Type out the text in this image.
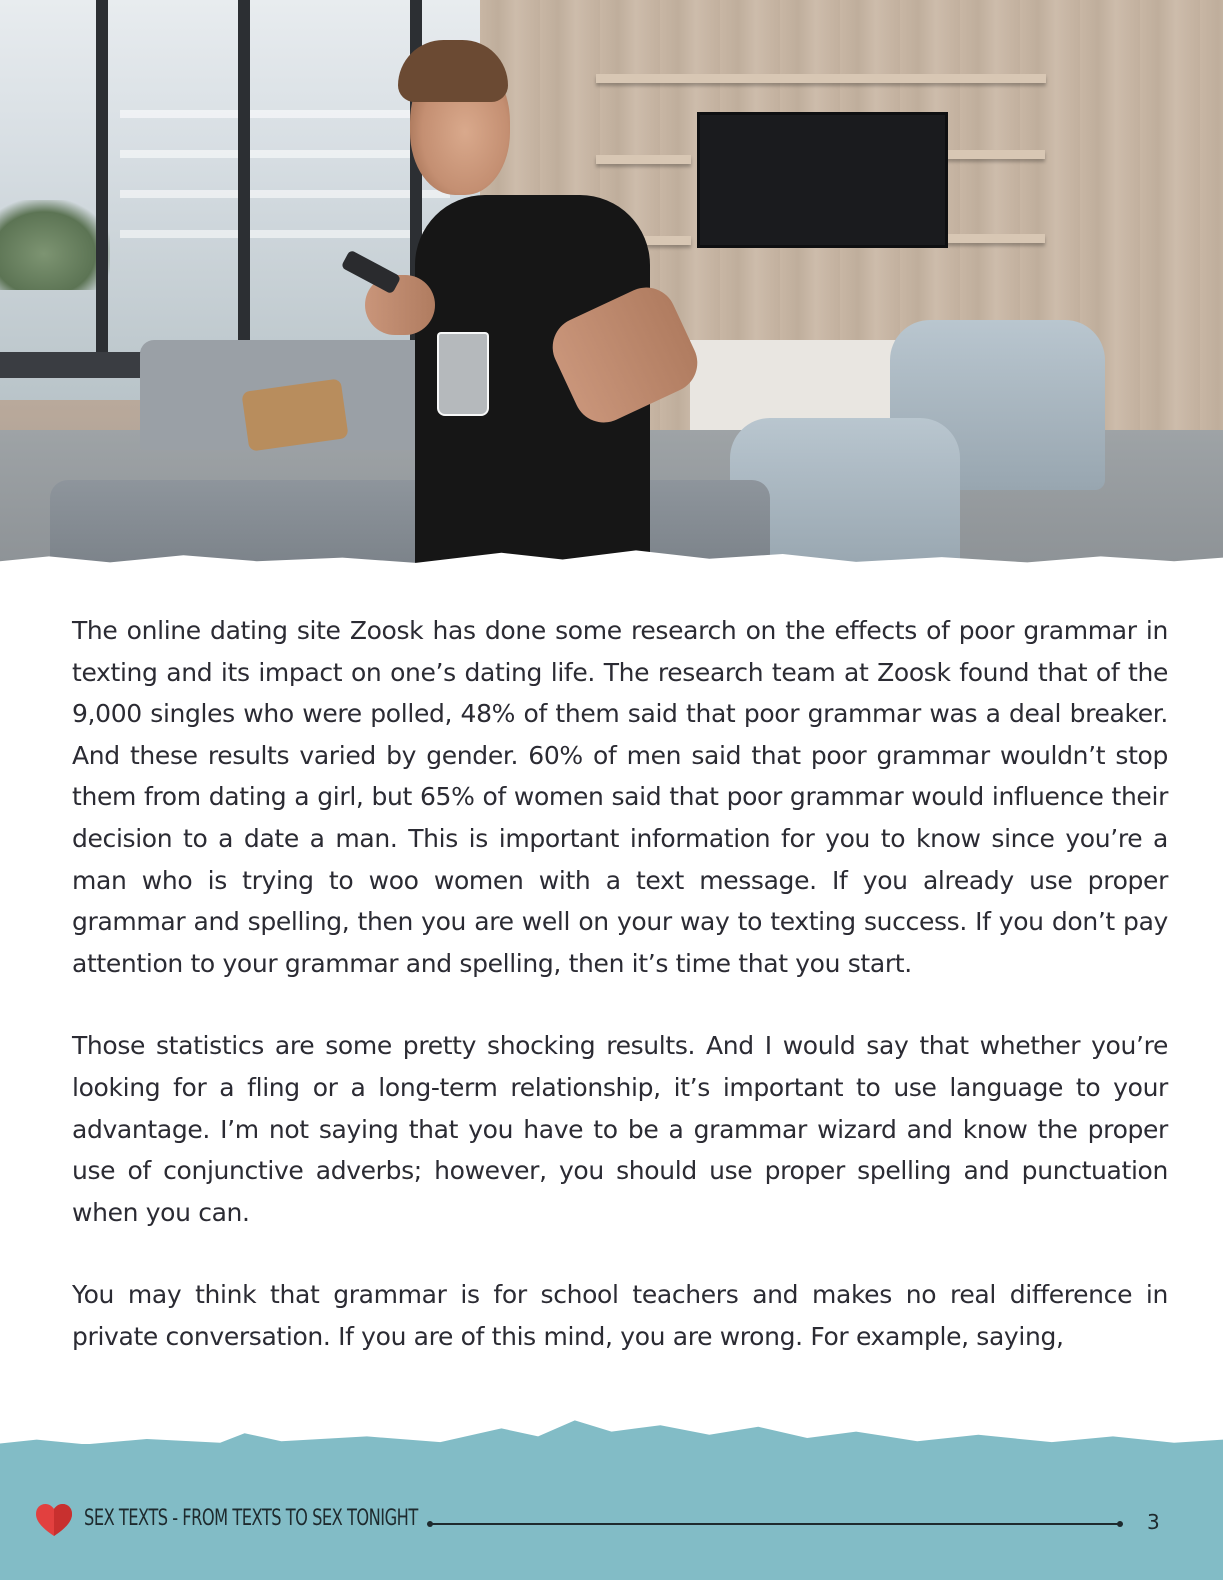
The online dating site Zoosk has done some research on the effects of poor grammar in texting and its impact on one’s dating life. The research team at Zoosk found that of the 9,000 singles who were polled, 48% of them said that poor grammar was a deal breaker. And these results varied by gender. 60% of men said that poor grammar wouldn’t stop them from dating a girl, but 65% of women said that poor grammar would influence their decision to a date a man. This is important information for you to know since you’re a man who is trying to woo women with a text message. If you already use proper grammar and spelling, then you are well on your way to texting success. If you don’t pay attention to your grammar and spelling, then it’s time that you start.

Those statistics are some pretty shocking results. And I would say that whether you’re looking for a fling or a long-term relationship, it’s important to use language to your advantage. I’m not saying that you have to be a grammar wizard and know the proper use of conjunctive adverbs; however, you should use proper spelling and punctuation when you can.

You may think that grammar is for school teachers and makes no real difference in private conversation. If you are of this mind, you are wrong. For example, saying,

SEX TEXTS - FROM TEXTS TO SEX TONIGHT	3
